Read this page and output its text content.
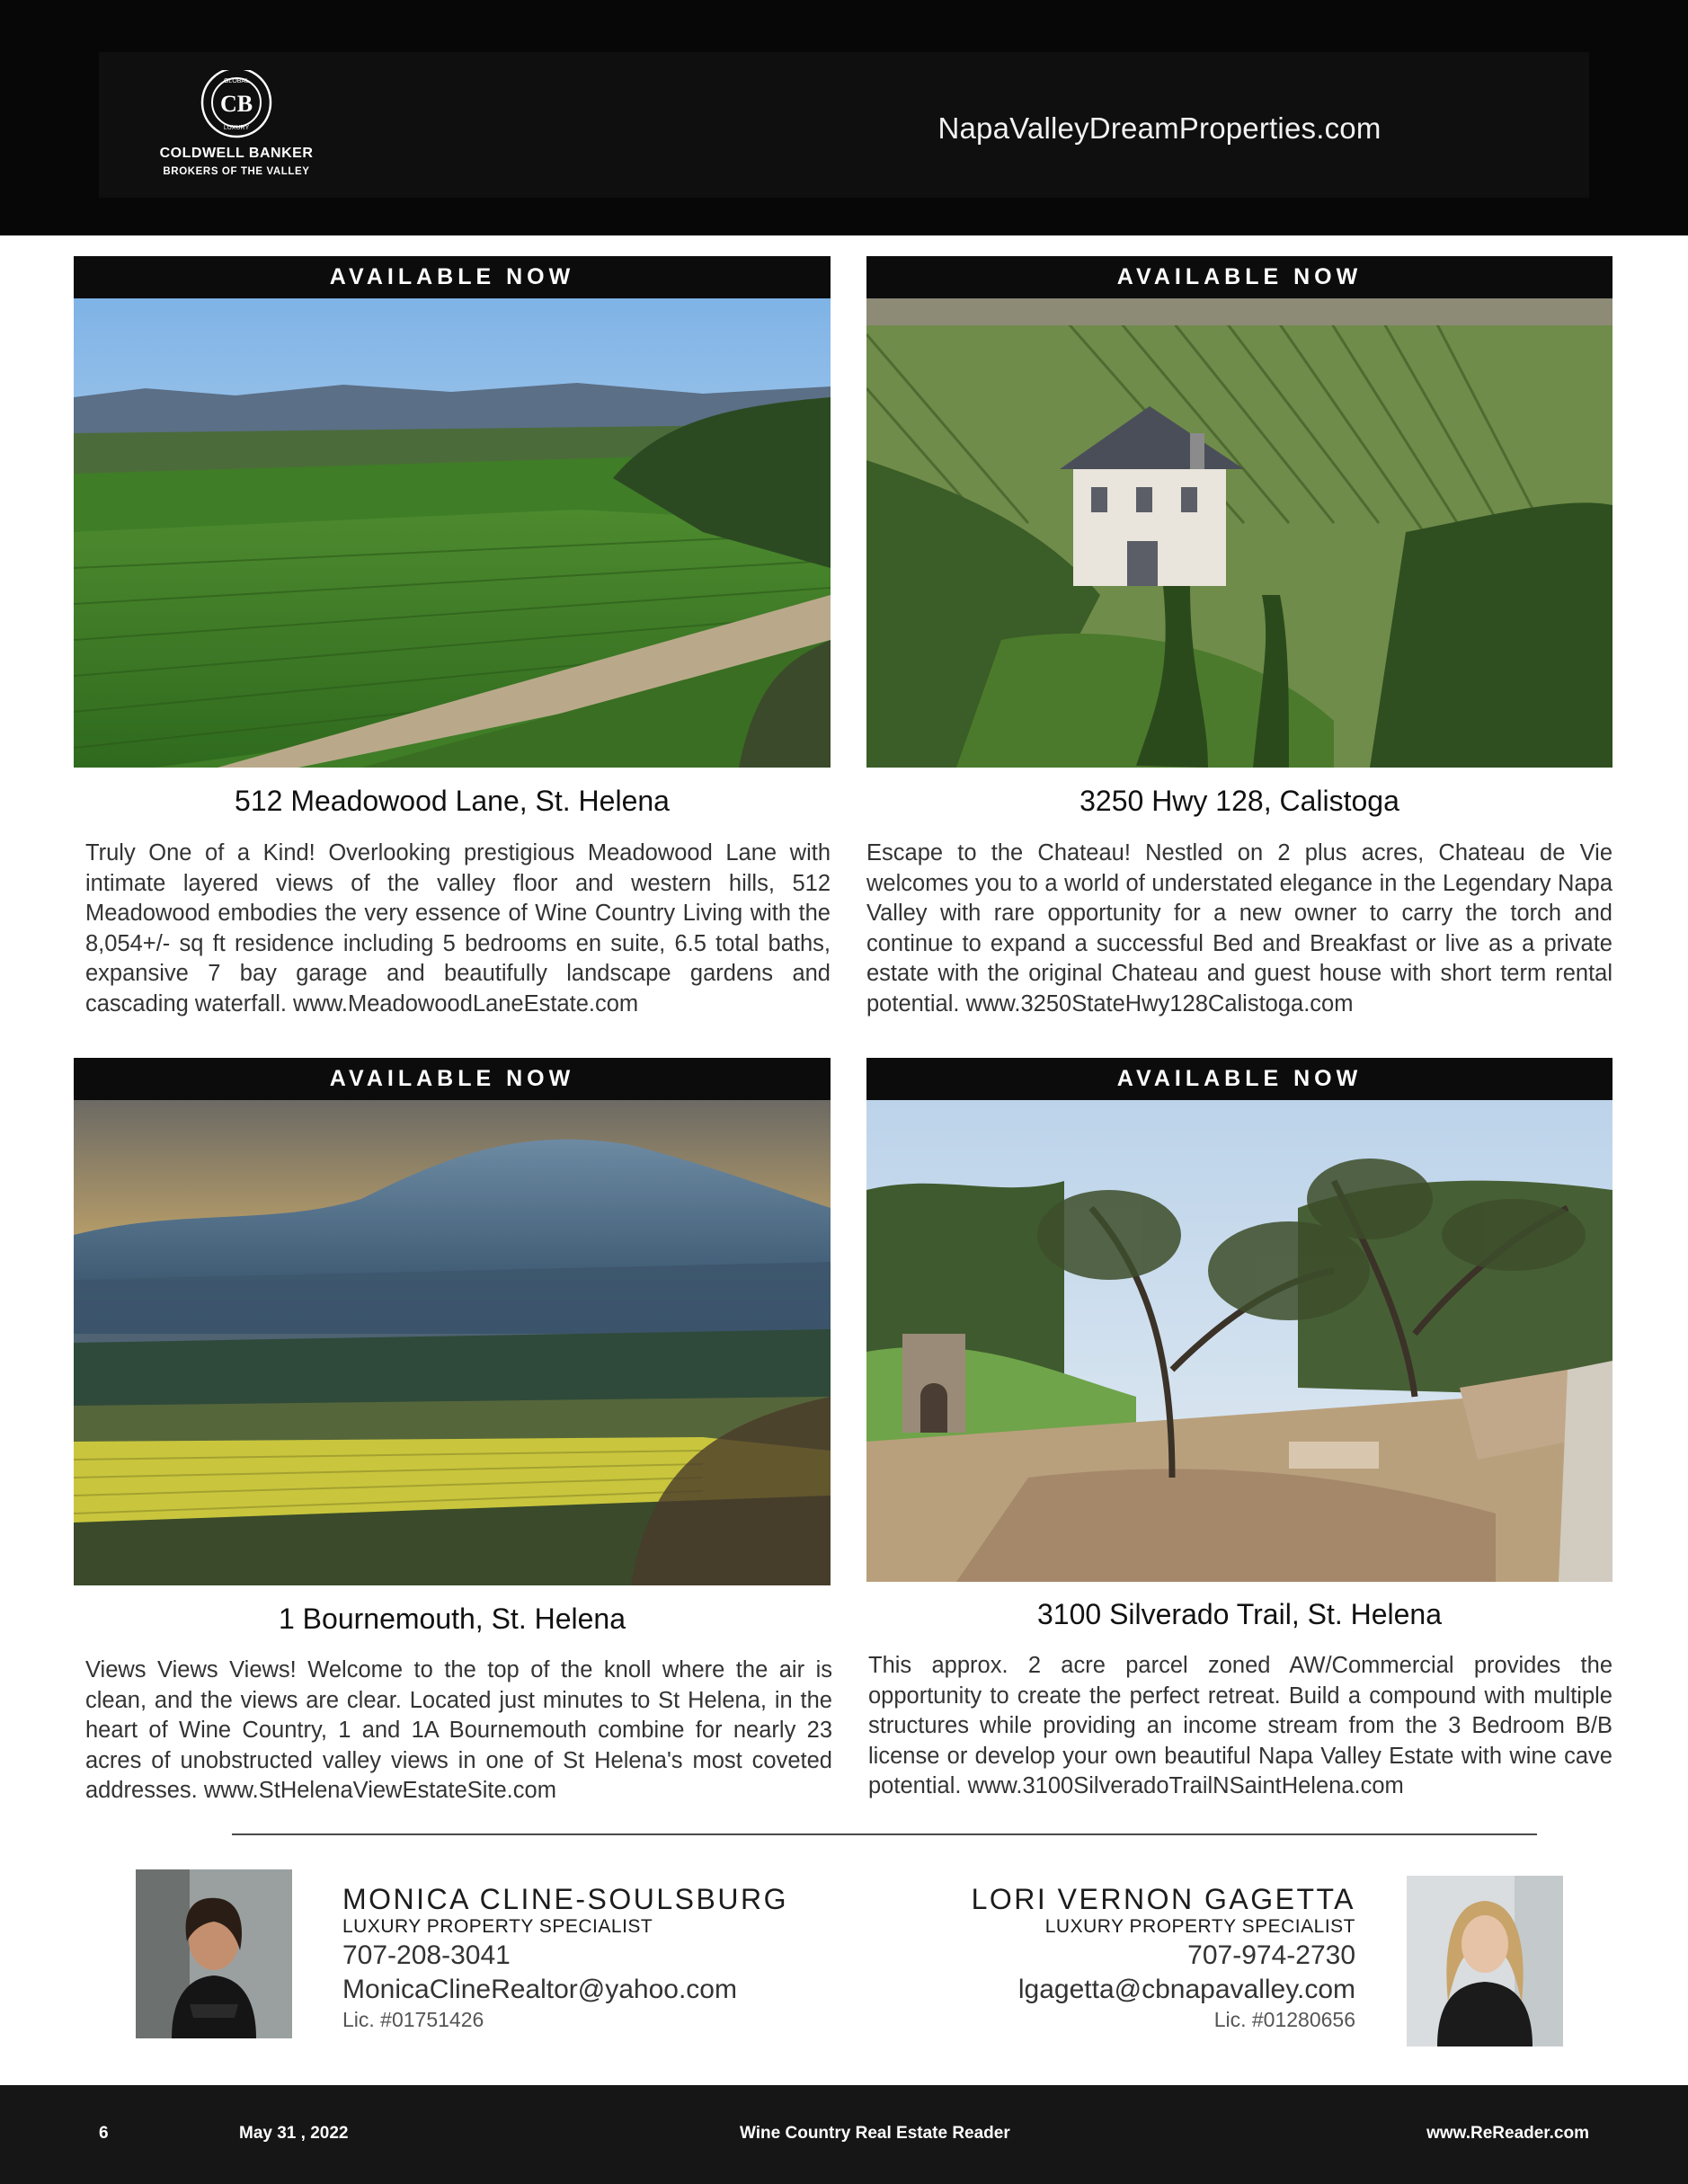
GLOBAL
LUXURY
CB
COLDWELL BANKER
BROKERS OF THE VALLEY
NapaValleyDreamProperties.com
AVAILABLE NOW
512 Meadowood Lane, St. Helena
Truly One of a Kind! Overlooking prestigious Meadowood Lane with intimate layered views of the valley floor and western hills, 512 Meadowood embodies the very essence of Wine Country Living with the 8,054+/- sq ft residence including 5 bedrooms en suite, 6.5 total baths, expansive 7 bay garage and beautifully landscape gardens and cascading waterfall. www.MeadowoodLaneEstate.com
AVAILABLE NOW
3250 Hwy 128, Calistoga
Escape to the Chateau! Nestled on 2 plus acres, Chateau de Vie welcomes you to a world of understated elegance in the Legendary Napa Valley with rare opportunity for a new owner to carry the torch and continue to expand a successful Bed and Breakfast or live as a private estate with the original Chateau and guest house with short term rental potential. www.3250StateHwy128Calistoga.com
AVAILABLE NOW
1 Bournemouth, St. Helena
Views Views Views! Welcome to the top of the knoll where the air is clean, and the views are clear. Located just minutes to St Helena, in the heart of Wine Country, 1 and 1A Bournemouth combine for nearly 23 acres of unobstructed valley views in one of St Helena's most coveted addresses. www.StHelenaViewEstateSite.com
AVAILABLE NOW
3100 Silverado Trail, St. Helena
This approx. 2 acre parcel zoned AW/Commercial provides the opportunity to create the perfect retreat. Build a compound with multiple structures while providing an income stream from the 3 Bedroom B/B license or develop your own beautiful Napa Valley Estate with wine cave potential. www.3100SilveradoTrailNSaintHelena.com
MONICA CLINE-SOULSBURG
LUXURY PROPERTY SPECIALIST
707-208-3041
MonicaClineRealtor@yahoo.com
Lic. #01751426
LORI VERNON GAGETTA
LUXURY PROPERTY SPECIALIST
707-974-2730
lgagetta@cbnapavalley.com
Lic. #01280656
6	May 31 , 2022	Wine Country Real Estate Reader	www.ReReader.com
